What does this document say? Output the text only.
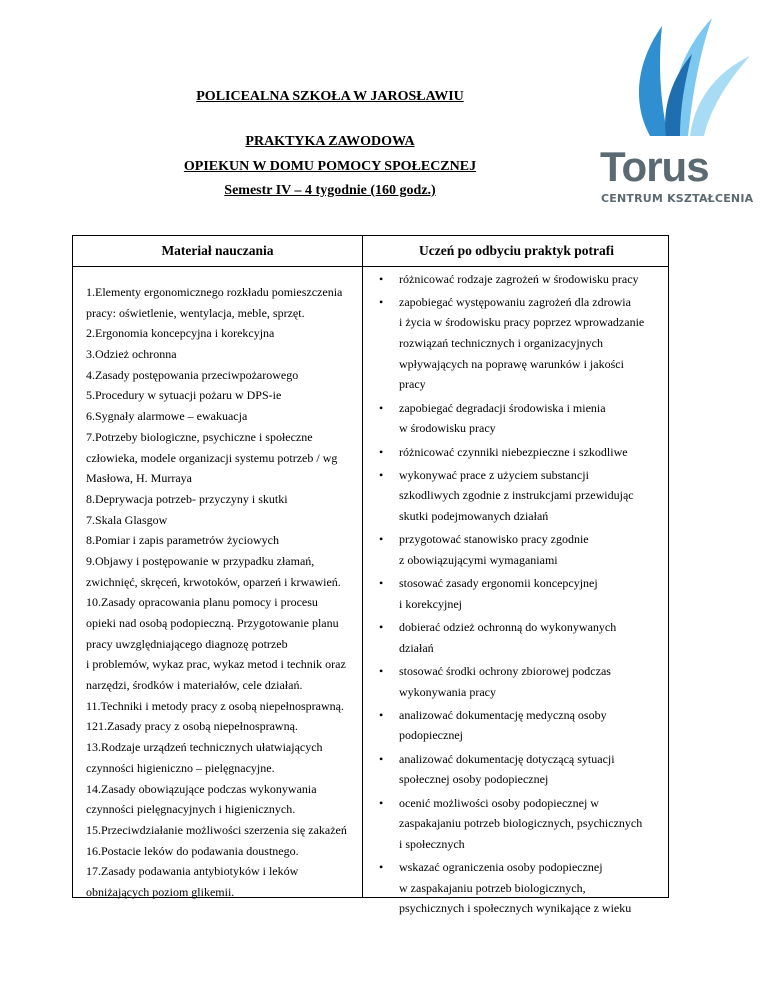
POLICEALNA SZKOŁA W JAROSŁAWIU
PRAKTYKA ZAWODOWA
OPIEKUN W DOMU POMOCY SPOŁECZNEJ
Semestr IV – 4 tygodnie (160 godz.)
Torus
CENTRUM KSZTAŁCENIA
Materiał nauczania	Uczeń po odbyciu praktyk potrafi
1.Elementy ergonomicznego rozkładu pomieszczenia
pracy: oświetlenie, wentylacja, meble, sprzęt.
2.Ergonomia koncepcyjna i korekcyjna
3.Odzież ochronna
4.Zasady postępowania przeciwpożarowego
5.Procedury w sytuacji pożaru w DPS-ie
6.Sygnały alarmowe – ewakuacja
7.Potrzeby biologiczne, psychiczne i społeczne
człowieka, modele organizacji systemu potrzeb / wg
Masłowa, H. Murraya
8.Deprywacja potrzeb- przyczyny i skutki
7.Skala Glasgow
8.Pomiar i zapis parametrów życiowych
9.Objawy i postępowanie w przypadku złamań,
zwichnięć, skręceń, krwotoków, oparzeń i krwawień.
10.Zasady opracowania planu pomocy i procesu
opieki nad osobą podopieczną. Przygotowanie planu
pracy uwzględniającego diagnozę potrzeb
i problemów, wykaz prac, wykaz metod i technik oraz
narzędzi, środków i materiałów, cele działań.
11.Techniki i metody pracy z osobą niepełnosprawną.
121.Zasady pracy z osobą niepełnosprawną.
13.Rodzaje urządzeń technicznych ułatwiających
czynności higieniczno – pielęgnacyjne.
14.Zasady obowiązujące podczas wykonywania
czynności pielęgnacyjnych i higienicznych.
15.Przeciwdziałanie możliwości szerzenia się zakażeń
16.Postacie leków do podawania doustnego.
17.Zasady podawania antybiotyków i leków
obniżających poziom glikemii.
• różnicować rodzaje zagrożeń w środowisku pracy
• zapobiegać występowaniu zagrożeń dla zdrowia
i życia w środowisku pracy poprzez wprowadzanie
rozwiązań technicznych i organizacyjnych
wpływających na poprawę warunków i jakości
pracy
• zapobiegać degradacji środowiska i mienia
w środowisku pracy
• różnicować czynniki niebezpieczne i szkodliwe
• wykonywać prace z użyciem substancji
szkodliwych zgodnie z instrukcjami przewidując
skutki podejmowanych działań
• przygotować stanowisko pracy zgodnie
z obowiązującymi wymaganiami
• stosować zasady ergonomii koncepcyjnej
i korekcyjnej
• dobierać odzież ochronną do wykonywanych
działań
• stosować środki ochrony zbiorowej podczas
wykonywania pracy
• analizować dokumentację medyczną osoby
podopiecznej
• analizować dokumentację dotyczącą sytuacji
społecznej osoby podopiecznej
• ocenić możliwości osoby podopiecznej w
zaspakajaniu potrzeb biologicznych, psychicznych
i społecznych
• wskazać ograniczenia osoby podopiecznej
w zaspakajaniu potrzeb biologicznych,
psychicznych i społecznych wynikające z wieku
